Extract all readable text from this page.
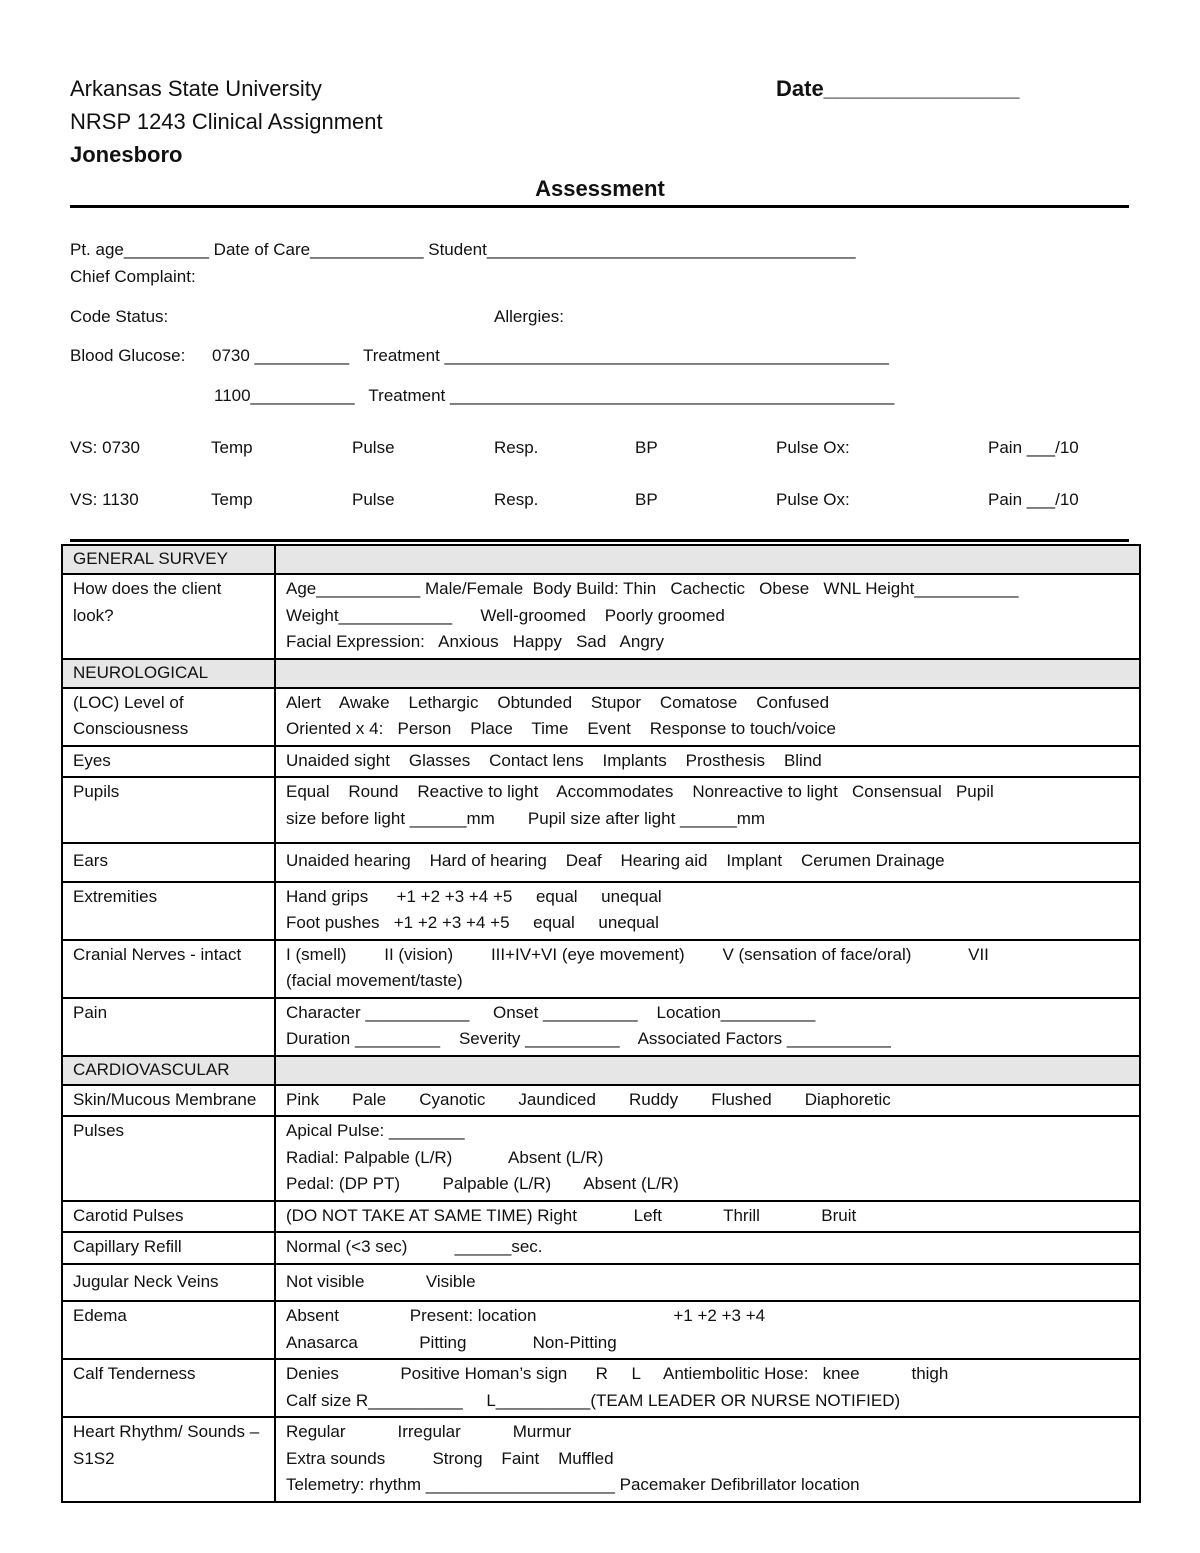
Arkansas State University
NRSP 1243 Clinical Assignment
Jonesboro
Date________________
Assessment
Pt. age_________ Date of Care____________ Student_______________________________________
Chief Complaint:
Code Status:	Allergies:
Blood Glucose: 0730 __________   Treatment _______________________________________________
1100___________   Treatment _______________________________________________
VS: 0730	Temp	Pulse	Resp.	BP	Pulse Ox:	Pain ___/10
VS: 1130	Temp	Pulse	Resp.	BP	Pulse Ox:	Pain ___/10
GENERAL SURVEY	
How does the client look?	Age___________ Male/Female  Body Build: Thin   Cachectic   Obese   WNL Height___________
Weight____________      Well-groomed    Poorly groomed
Facial Expression:   Anxious   Happy   Sad   Angry

NEUROLOGICAL	
(LOC) Level of Consciousness	Alert    Awake    Lethargic    Obtunded    Stupor    Comatose    Confused
Oriented x 4:   Person    Place    Time    Event    Response to touch/voice

Eyes	Unaided sight    Glasses    Contact lens    Implants    Prosthesis    Blind

Pupils	Equal    Round    Reactive to light    Accommodates    Nonreactive to light   Consensual   Pupil
size before light ______mm       Pupil size after light ______mm

Ears	Unaided hearing    Hard of hearing    Deaf    Hearing aid    Implant    Cerumen Drainage

Extremities	Hand grips      +1 +2 +3 +4 +5     equal     unequal
Foot pushes   +1 +2 +3 +4 +5     equal     unequal

Cranial Nerves - intact	I (smell)        II (vision)        III+IV+VI (eye movement)        V (sensation of face/oral)            VII
(facial movement/taste)

Pain	Character ___________     Onset __________    Location__________
Duration _________    Severity __________    Associated Factors ___________

CARDIOVASCULAR	
Skin/Mucous Membrane	Pink       Pale       Cyanotic       Jaundiced       Ruddy       Flushed       Diaphoretic

Pulses	Apical Pulse: ________
Radial: Palpable (L/R)            Absent (L/R)
Pedal: (DP PT)         Palpable (L/R)       Absent (L/R)

Carotid Pulses	(DO NOT TAKE AT SAME TIME) Right            Left             Thrill             Bruit

Capillary Refill	Normal (<3 sec)          ______sec.

Jugular Neck Veins	Not visible             Visible

Edema	Absent               Present: location                             +1 +2 +3 +4
Anasarca             Pitting              Non-Pitting

Calf Tenderness	Denies             Positive Homan’s sign      R     L     Antiembolitic Hose:   knee           thigh
Calf size R__________     L__________(TEAM LEADER OR NURSE NOTIFIED)

Heart Rhythm/ Sounds – S1S2	Regular           Irregular           Murmur
Extra sounds          Strong    Faint    Muffled
Telemetry: rhythm ____________________ Pacemaker Defibrillator location
